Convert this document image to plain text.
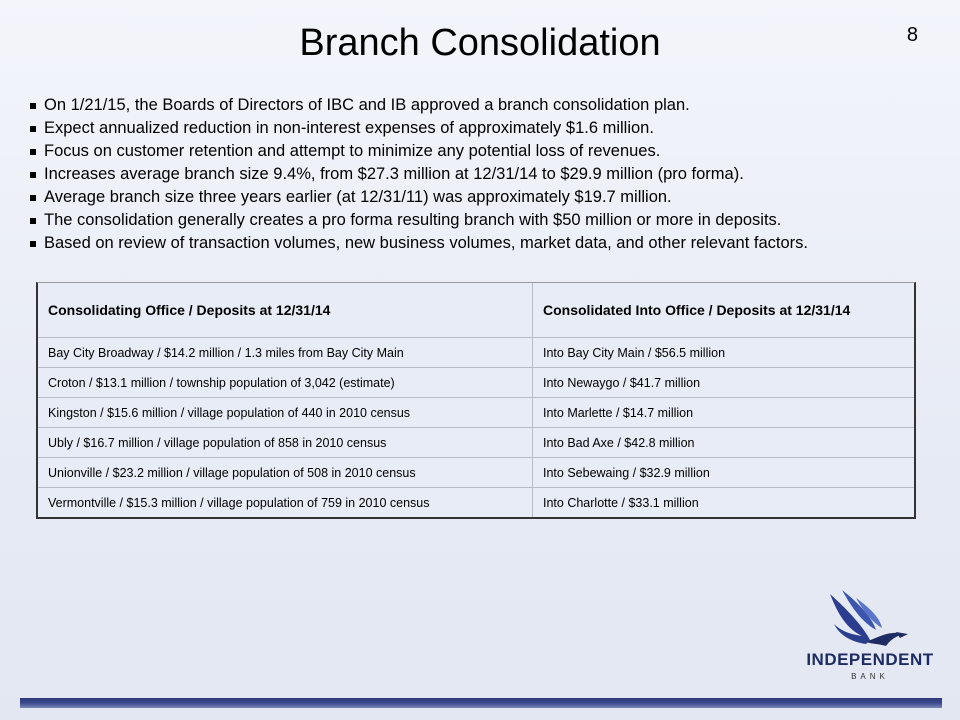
Branch Consolidation	8
On 1/21/15, the Boards of Directors of IBC and IB approved a branch consolidation plan.
Expect annualized reduction in non-interest expenses of approximately $1.6 million.
Focus on customer retention and attempt to minimize any potential loss of revenues.
Increases average branch size 9.4%, from $27.3 million at 12/31/14 to $29.9 million (pro forma).
Average branch size three years earlier (at 12/31/11) was approximately $19.7 million.
The consolidation generally creates a pro forma resulting branch with $50 million or more in deposits.
Based on review of transaction volumes, new business volumes, market data, and other relevant factors.
Consolidating Office / Deposits at 12/31/14	Consolidated Into Office / Deposits at 12/31/14
Bay City Broadway / $14.2 million / 1.3 miles from Bay City Main	Into Bay City Main / $56.5 million
Croton / $13.1 million / township population of 3,042 (estimate)	Into Newaygo / $41.7 million
Kingston / $15.6 million / village population of 440 in 2010 census	Into Marlette / $14.7 million
Ubly / $16.7 million / village population of 858 in 2010 census	Into Bad Axe / $42.8 million
Unionville / $23.2 million / village population of 508 in 2010 census	Into Sebewaing / $32.9 million
Vermontville / $15.3 million / village population of 759 in 2010 census	Into Charlotte / $33.1 million
INDEPENDENT
BANK
